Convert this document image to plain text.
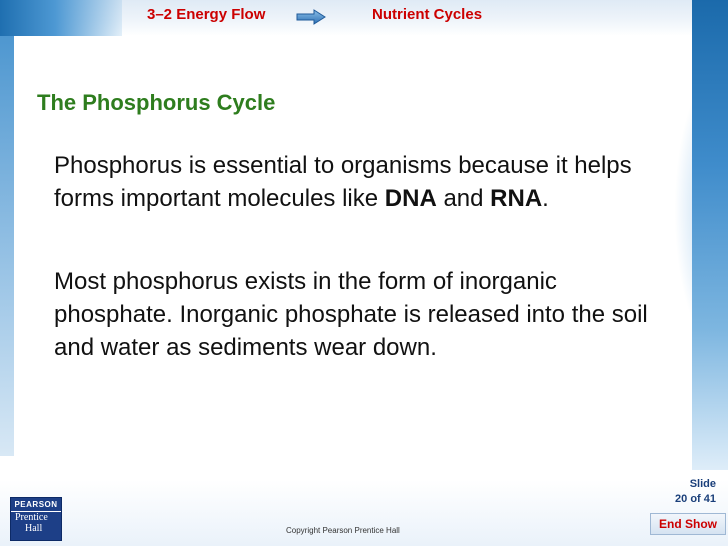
3–2 Energy Flow	Nutrient Cycles
The Phosphorus Cycle
Phosphorus is essential to organisms because it helps forms important molecules like DNA and RNA.
Most phosphorus exists in the form of inorganic phosphate. Inorganic phosphate is released into the soil and water as sediments wear down.
PEARSON
Prentice
Hall	Copyright Pearson Prentice Hall
Slide
20 of 41
End Show
